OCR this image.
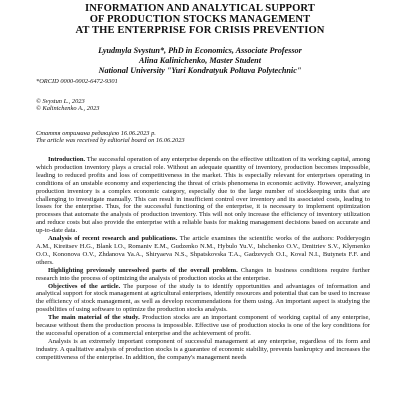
INFORMATION AND ANALYTICAL SUPPORT
OF PRODUCTION STOCKS MANAGEMENT
AT THE ENTERPRISE FOR CRISIS PREVENTION
Lyudmyla Svystun*, PhD in Economics, Associate Professor
Alina Kalinichenko, Master Student
National University "Yuri Kondratyuk Poltava Polytechnic"
*ORCID 0000-0002-6472-9301
© Svystun L., 2023
© Kalinichenko A., 2023
Стаття отримана редакцією 16.06.2023 р.
The article was received by editorial board on 16.06.2023

Introduction. The successful operation of any enterprise depends on the effective utilization of its working capital, among which production inventory plays a crucial role. Without an adequate quantity of inventory, production becomes impossible, leading to reduced profits and loss of competitiveness in the market. This is especially relevant for enterprises operating in conditions of an unstable economy and experiencing the threat of crisis phenomena in economic activity. However, analyzing production inventory is a complex economic category, especially due to the large number of stockkeeping units that are challenging to investigate manually. This can result in insufficient control over inventory and its associated costs, leading to losses for the enterprise. Thus, for the successful functioning of the enterprise, it is necessary to implement optimization processes that automate the analysis of production inventory. This will not only increase the efficiency of inventory utilization and reduce costs but also provide the enterprise with a reliable basis for making management decisions based on accurate and up-to-date data.

Analysis of recent research and publications. The article examines the scientific works of the authors: Podderyogin A.M., Kireitsev H.G., Blank I.O., Romaniv E.M., Gudzenko N.M., Hybulo Yu.V., Ishchenko O.V., Dmitriev S.V., Klymenko O.O., Kononova O.V., Zhdanova Ya.A., Shiryaeva N.S., Shpatskovska T.A., Gadzevych O.I., Koval N.I., Butynets F.F. and others.

Highlighting previously unresolved parts of the overall problem. Changes in business conditions require further research into the process of optimizing the analysis of production stocks at the enterprise.

Objectives of the article. The purpose of the study is to identify opportunities and advantages of information and analytical support for stock management at agricultural enterprises, identify resources and potential that can be used to increase the efficiency of stock management, as well as develop recommendations for them using. An important aspect is studying the possibilities of using software to optimize the production stocks analysis.

The main material of the study. Production stocks are an important component of working capital of any enterprise, because without them the production process is impossible. Effective use of production stocks is one of the key conditions for the successful operation of a commercial enterprise and the achievement of profit.

Analysis is an extremely important component of successful management at any enterprise, regardless of its form and industry. A qualitative analysis of production stocks is a guarantee of economic stability, prevents bankruptcy and increases the competitiveness of the enterprise. In addition, the company's management needs
